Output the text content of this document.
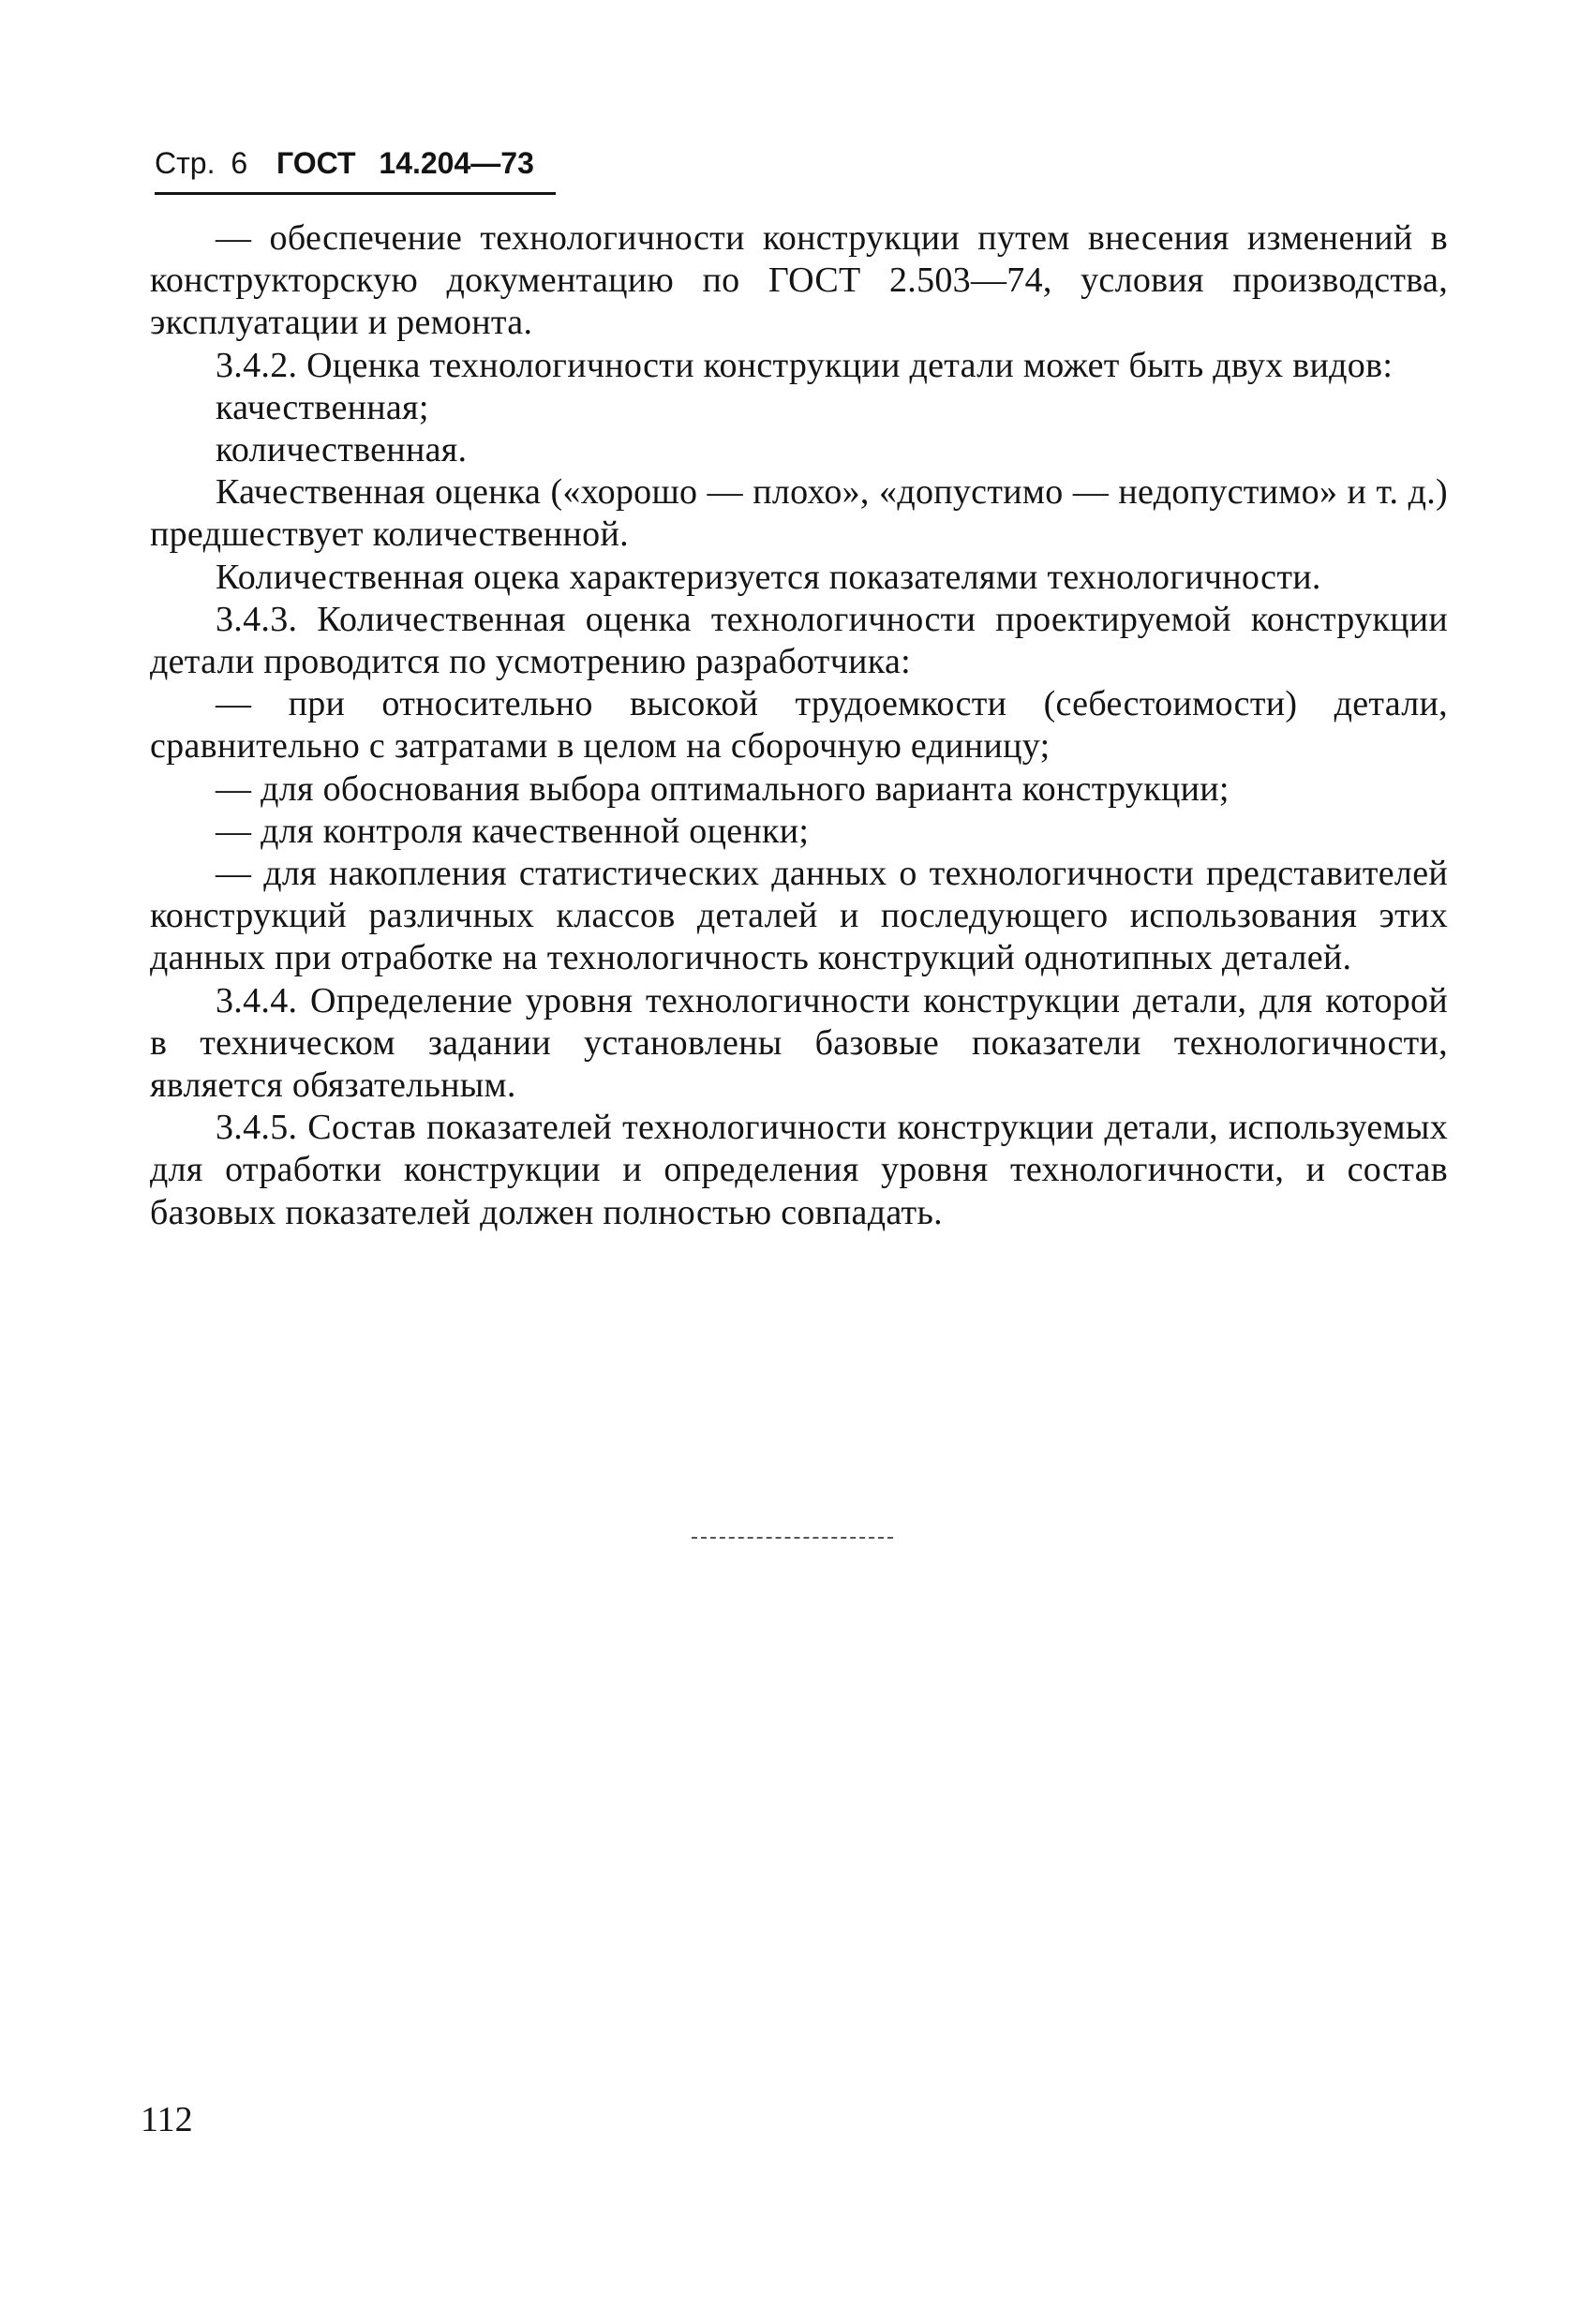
Стр. 6 ГОСТ 14.204—73

— обеспечение технологичности конструкции путем внесения изменений в конструкторскую документацию по ГОСТ 2.503—74, условия производства, эксплуатации и ремонта.

3.4.2. Оценка технологичности конструкции детали может быть двух видов:

качественная;

количественная.

Качественная оценка («хорошо — плохо», «допустимо — недопустимо» и т. д.) предшествует количественной.

Количественная оцека характеризуется показателями технологичности.

3.4.3. Количественная оценка технологичности проектируемой конструкции детали проводится по усмотрению разработчика:

— при относительно высокой трудоемкости (себестоимости) детали, сравнительно с затратами в целом на сборочную единицу;

— для обоснования выбора оптимального варианта конструкции;

— для контроля качественной оценки;

— для накопления статистических данных о технологичности представителей конструкций различных классов деталей и последующего использования этих данных при отработке на технологичность конструкций однотипных деталей.

3.4.4. Определение уровня технологичности конструкции детали, для которой в техническом задании установлены базовые показатели технологичности, является обязательным.

3.4.5. Состав показателей технологичности конструкции детали, используемых для отработки конструкции и определения уровня технологичности, и состав базовых показателей должен полностью совпадать.

112
